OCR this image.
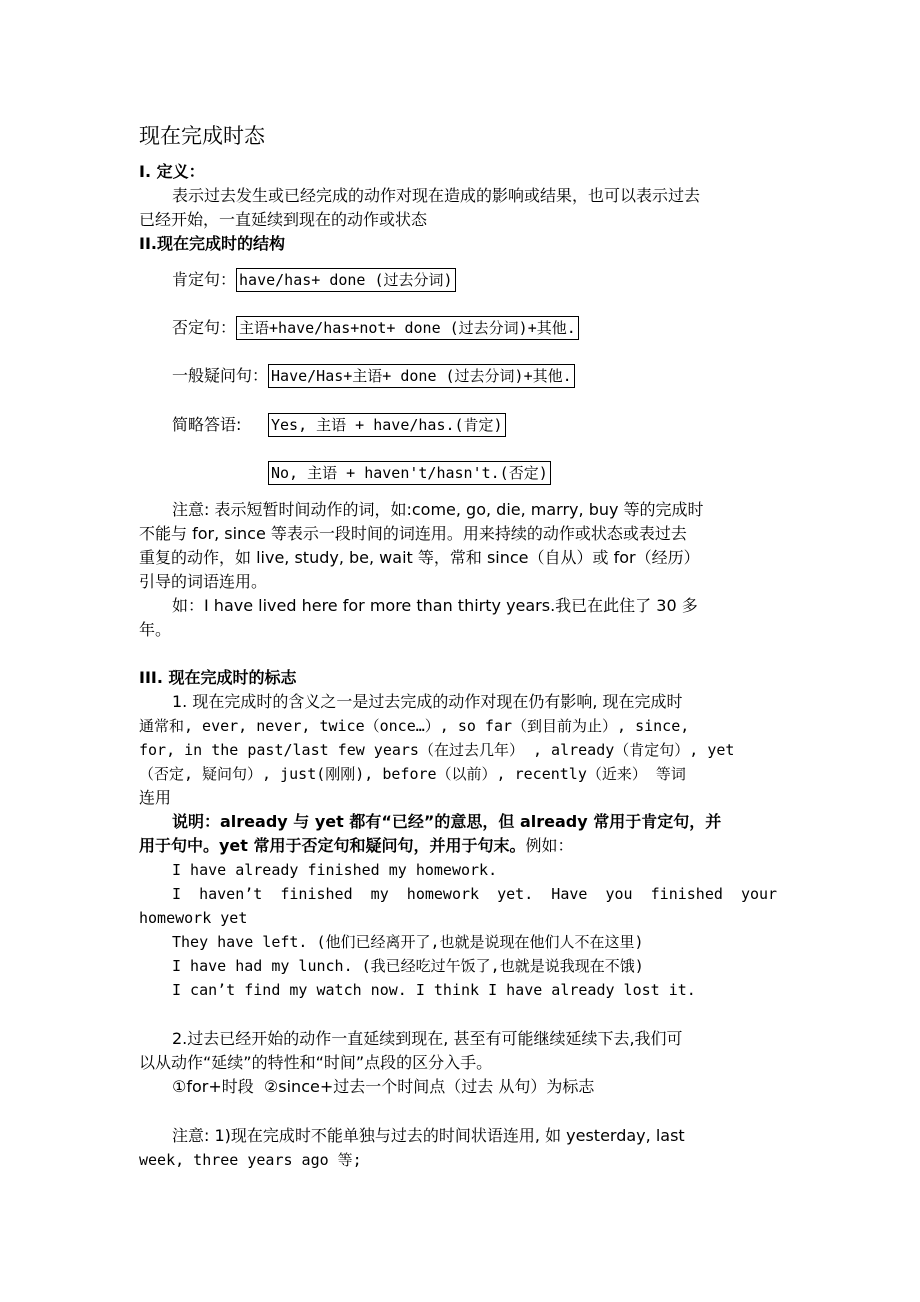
现在完成时态
I. 定义：
表示过去发生或已经完成的动作对现在造成的影响或结果，也可以表示过去
已经开始，一直延续到现在的动作或状态
II.现在完成时的结构
肯定句： have/has+ done (过去分词)
否定句： 主语+have/has+not+ done (过去分词)+其他.
一般疑问句： Have/Has+主语+ done (过去分词)+其他.
简略答语: Yes, 主语 + have/has.(肯定)
No, 主语 + haven't/hasn't.(否定)
注意: 表示短暂时间动作的词，如:come, go, die, marry, buy 等的完成时
不能与 for, since 等表示一段时间的词连用。用来持续的动作或状态或表过去
重复的动作，如 live, study, be, wait 等，常和 since（自从）或 for（经历）
引导的词语连用。
如：I have lived here for more than thirty years.我已在此住了 30 多
年。
III. 现在完成时的标志
1. 现在完成时的含义之一是过去完成的动作对现在仍有影响, 现在完成时
通常和, ever, never, twice（once…）, so far（到目前为止）, since,
for, in the past/last few years（在过去几年） , already（肯定句）, yet
（否定, 疑问句）, just(刚刚), before（以前）, recently（近来） 等词
连用
说明：already 与 yet 都有“已经”的意思，但 already 常用于肯定句，并
用于句中。yet 常用于否定句和疑问句，并用于句末。例如：
I have already finished my homework.
I  haven’t  finished  my  homework  yet.  Have  you  finished  your
homework yet
They have left. (他们已经离开了,也就是说现在他们人不在这里)
I have had my lunch. (我已经吃过午饭了,也就是说我现在不饿)
I can’t find my watch now. I think I have already lost it.
2.过去已经开始的动作一直延续到现在, 甚至有可能继续延续下去,我们可
以从动作“延续”的特性和“时间”点段的区分入手。
①for+时段  ②since+过去一个时间点（过去 从句）为标志
注意: 1)现在完成时不能单独与过去的时间状语连用, 如 yesterday, last
week, three years ago 等;
